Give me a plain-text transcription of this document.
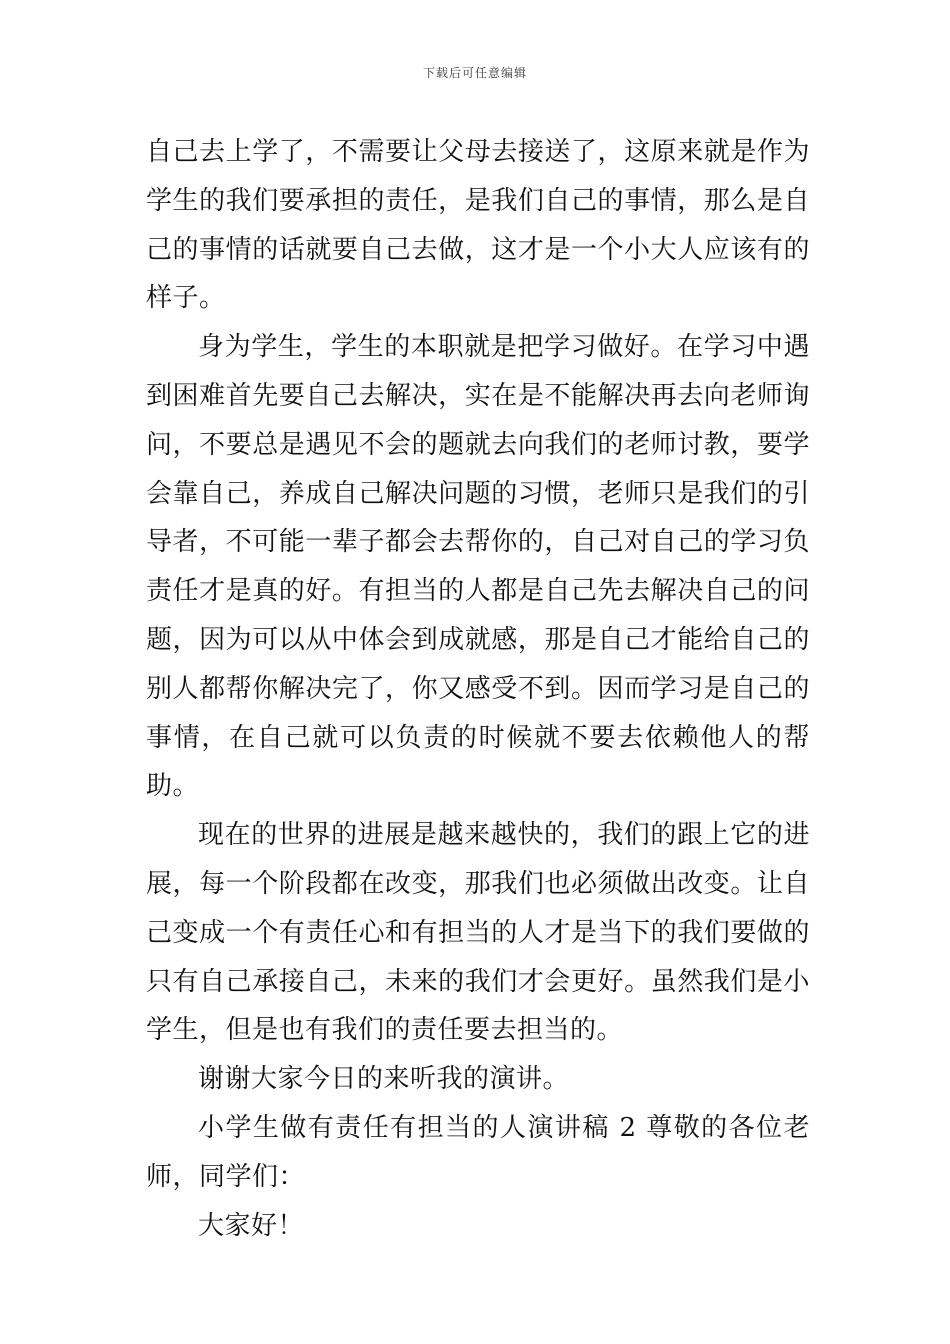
下载后可任意编辑

自己去上学了，不需要让父母去接送了，这原来就是作为学生的我们要承担的责任，是我们自己的事情，那么是自己的事情的话就要自己去做，这才是一个小大人应该有的样子。

身为学生，学生的本职就是把学习做好。在学习中遇到困难首先要自己去解决，实在是不能解决再去向老师询问，不要总是遇见不会的题就去向我们的老师讨教，要学会靠自己，养成自己解决问题的习惯，老师只是我们的引导者，不可能一辈子都会去帮你的，自己对自己的学习负责任才是真的好。有担当的人都是自己先去解决自己的问题，因为可以从中体会到成就感，那是自己才能给自己的别人都帮你解决完了，你又感受不到。因而学习是自己的事情，在自己就可以负责的时候就不要去依赖他人的帮助。

现在的世界的进展是越来越快的，我们的跟上它的进展，每一个阶段都在改变，那我们也必须做出改变。让自己变成一个有责任心和有担当的人才是当下的我们要做的只有自己承接自己，未来的我们才会更好。虽然我们是小学生，但是也有我们的责任要去担当的。

谢谢大家今日的来听我的演讲。

小学生做有责任有担当的人演讲稿 2 尊敬的各位老师，同学们：

大家好！
